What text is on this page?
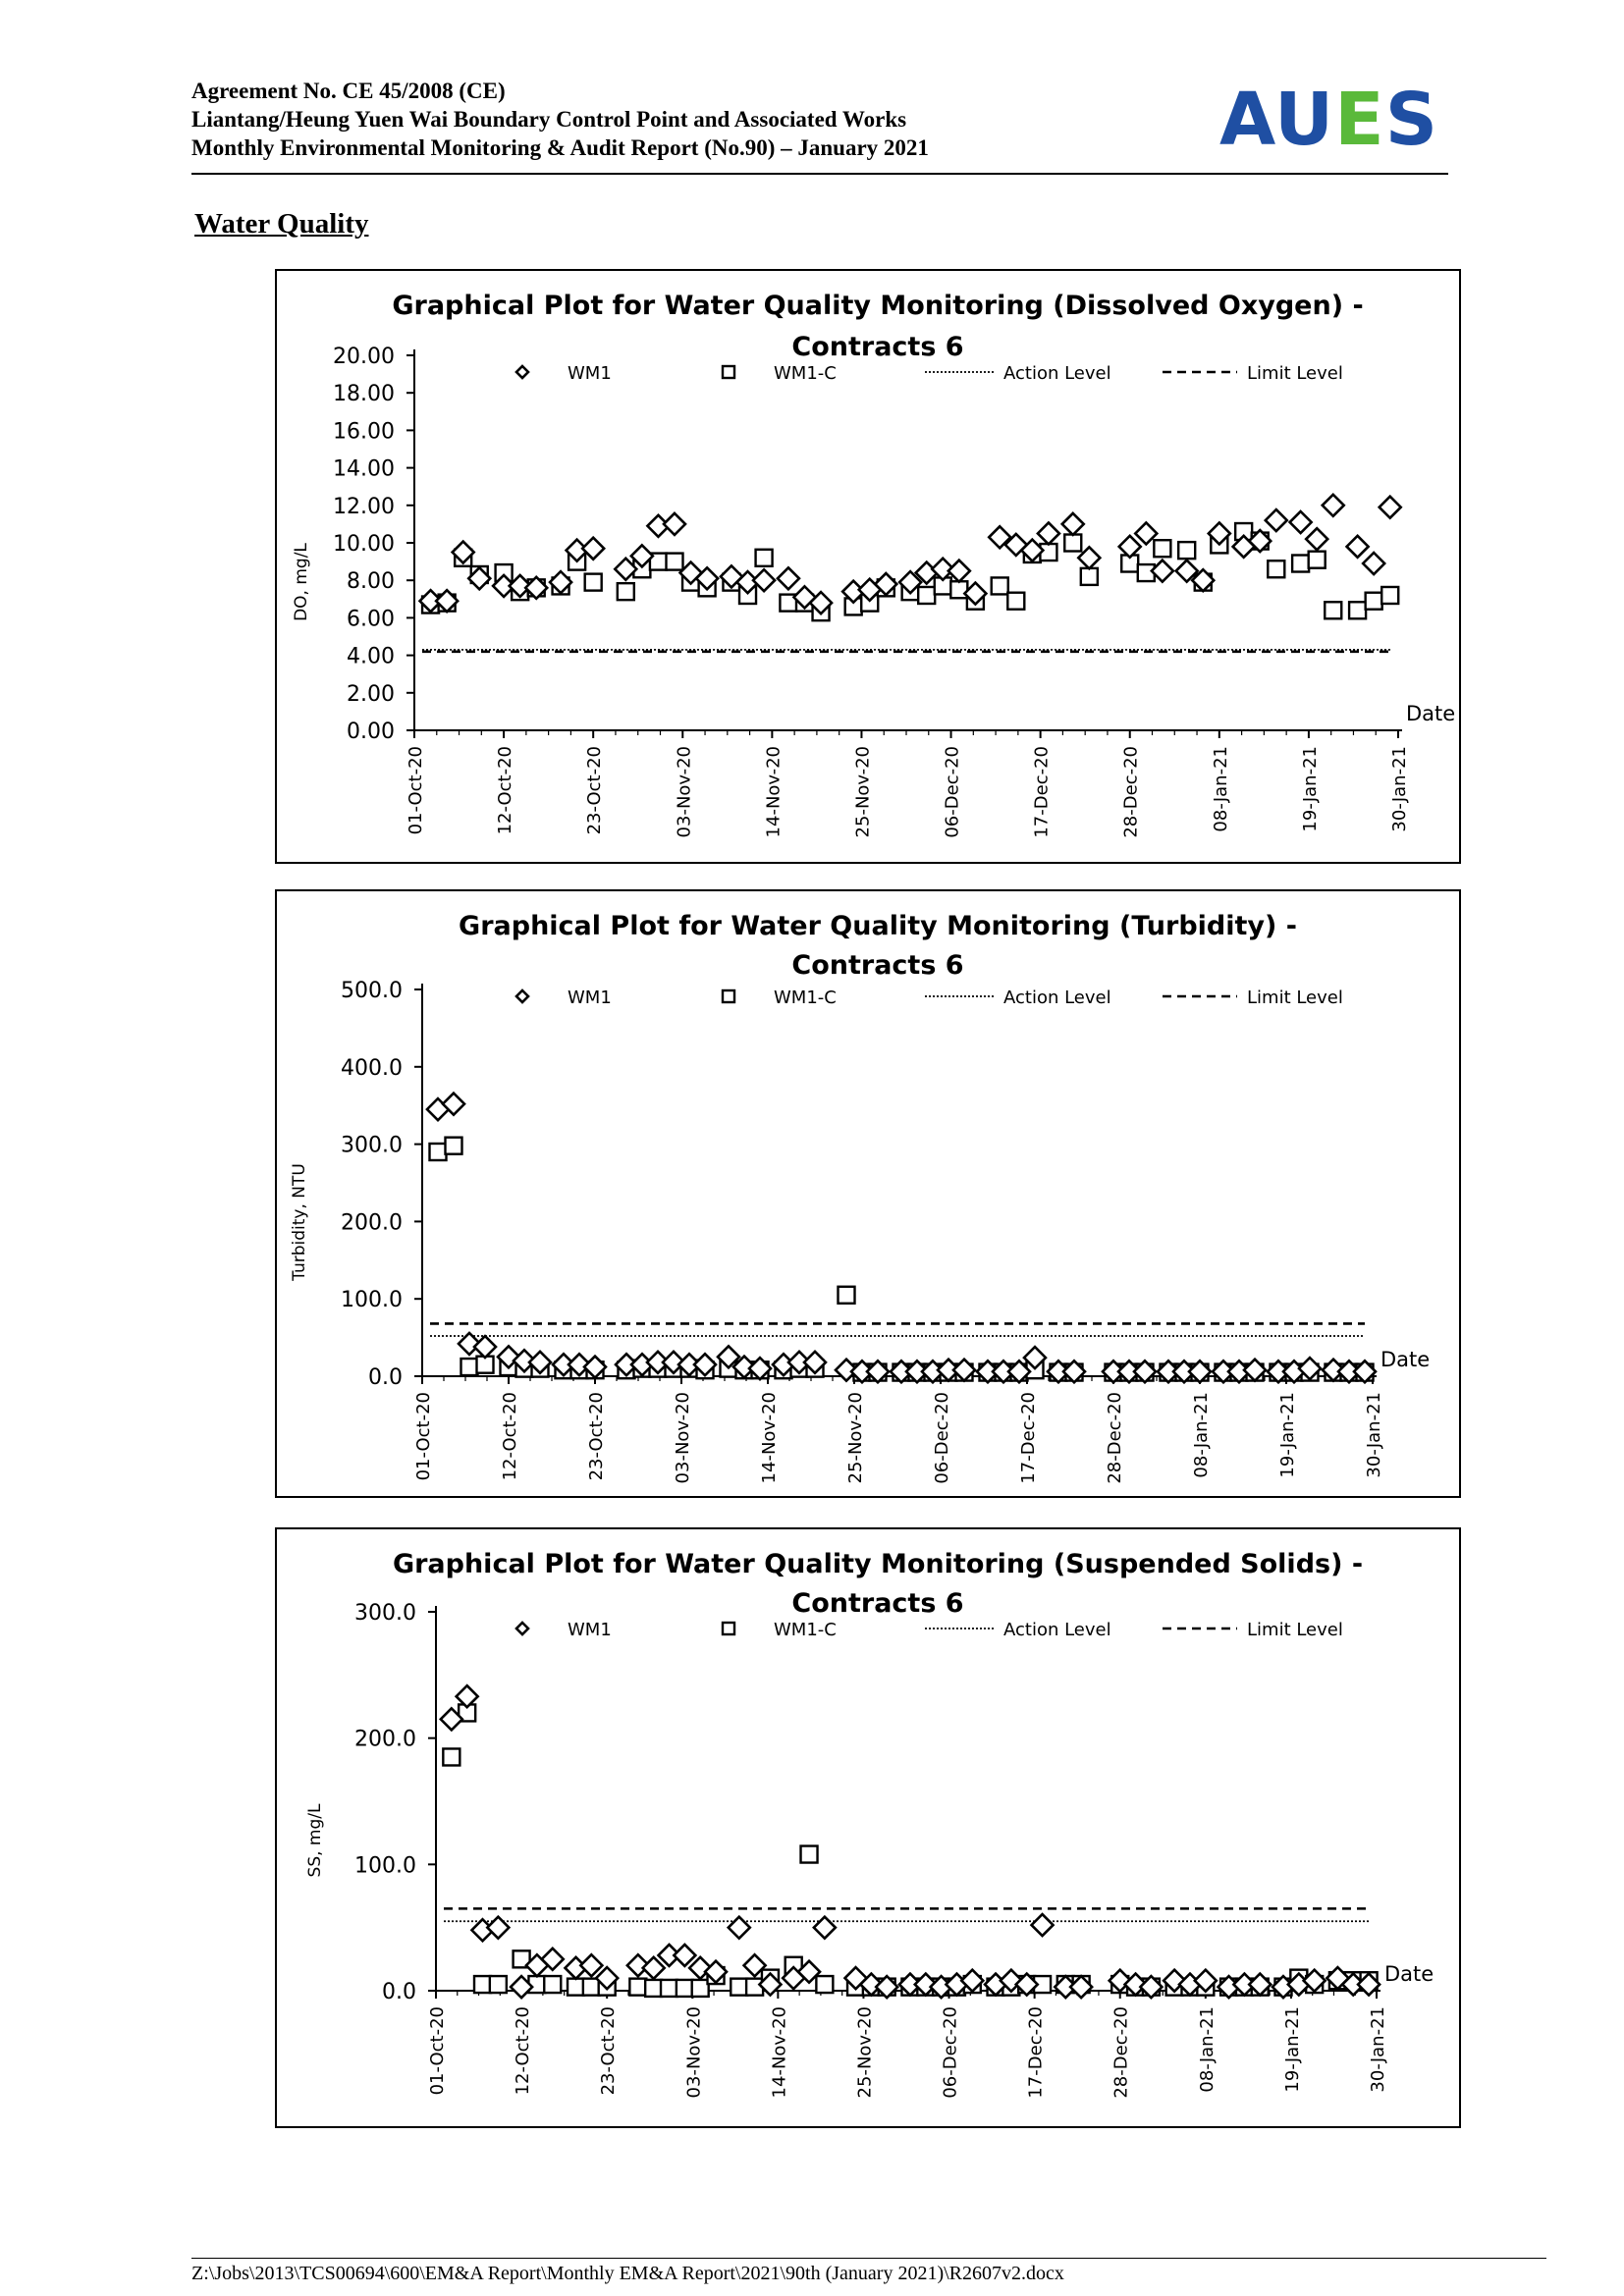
Agreement No. CE 45/2008 (CE)
Liantang/Heung Yuen Wai Boundary Control Point and Associated Works
Monthly Environmental Monitoring & Audit Report (No.90) – January 2021	AUES
Water Quality
Graphical Plot for Water Quality Monitoring (Dissolved Oxygen) -
Contracts 6
DO, mg/L
0.00
2.00
4.00
6.00
8.00
10.00
12.00
14.00
16.00
18.00
20.00
01-Oct-20	12-Oct-20	23-Oct-20	03-Nov-20	14-Nov-20	25-Nov-20	06-Dec-20	17-Dec-20	28-Dec-20	08-Jan-21	19-Jan-21	30-Jan-21
Date
WM1	WM1-C	Action Level	Limit Level
Graphical Plot for Water Quality Monitoring (Turbidity) -
Contracts 6
Turbidity, NTU
0.0
100.0
200.0
300.0
400.0
500.0
01-Oct-20	12-Oct-20	23-Oct-20	03-Nov-20	14-Nov-20	25-Nov-20	06-Dec-20	17-Dec-20	28-Dec-20	08-Jan-21	19-Jan-21	30-Jan-21
Date
WM1	WM1-C	Action Level	Limit Level
Graphical Plot for Water Quality Monitoring (Suspended Solids) -
Contracts 6
SS, mg/L
0.0
100.0
200.0
300.0
01-Oct-20	12-Oct-20	23-Oct-20	03-Nov-20	14-Nov-20	25-Nov-20	06-Dec-20	17-Dec-20	28-Dec-20	08-Jan-21	19-Jan-21	30-Jan-21
Date
WM1	WM1-C	Action Level	Limit Level
Z:\Jobs\2013\TCS00694\600\EM&A Report\Monthly EM&A Report\2021\90th (January 2021)\R2607v2.docx
